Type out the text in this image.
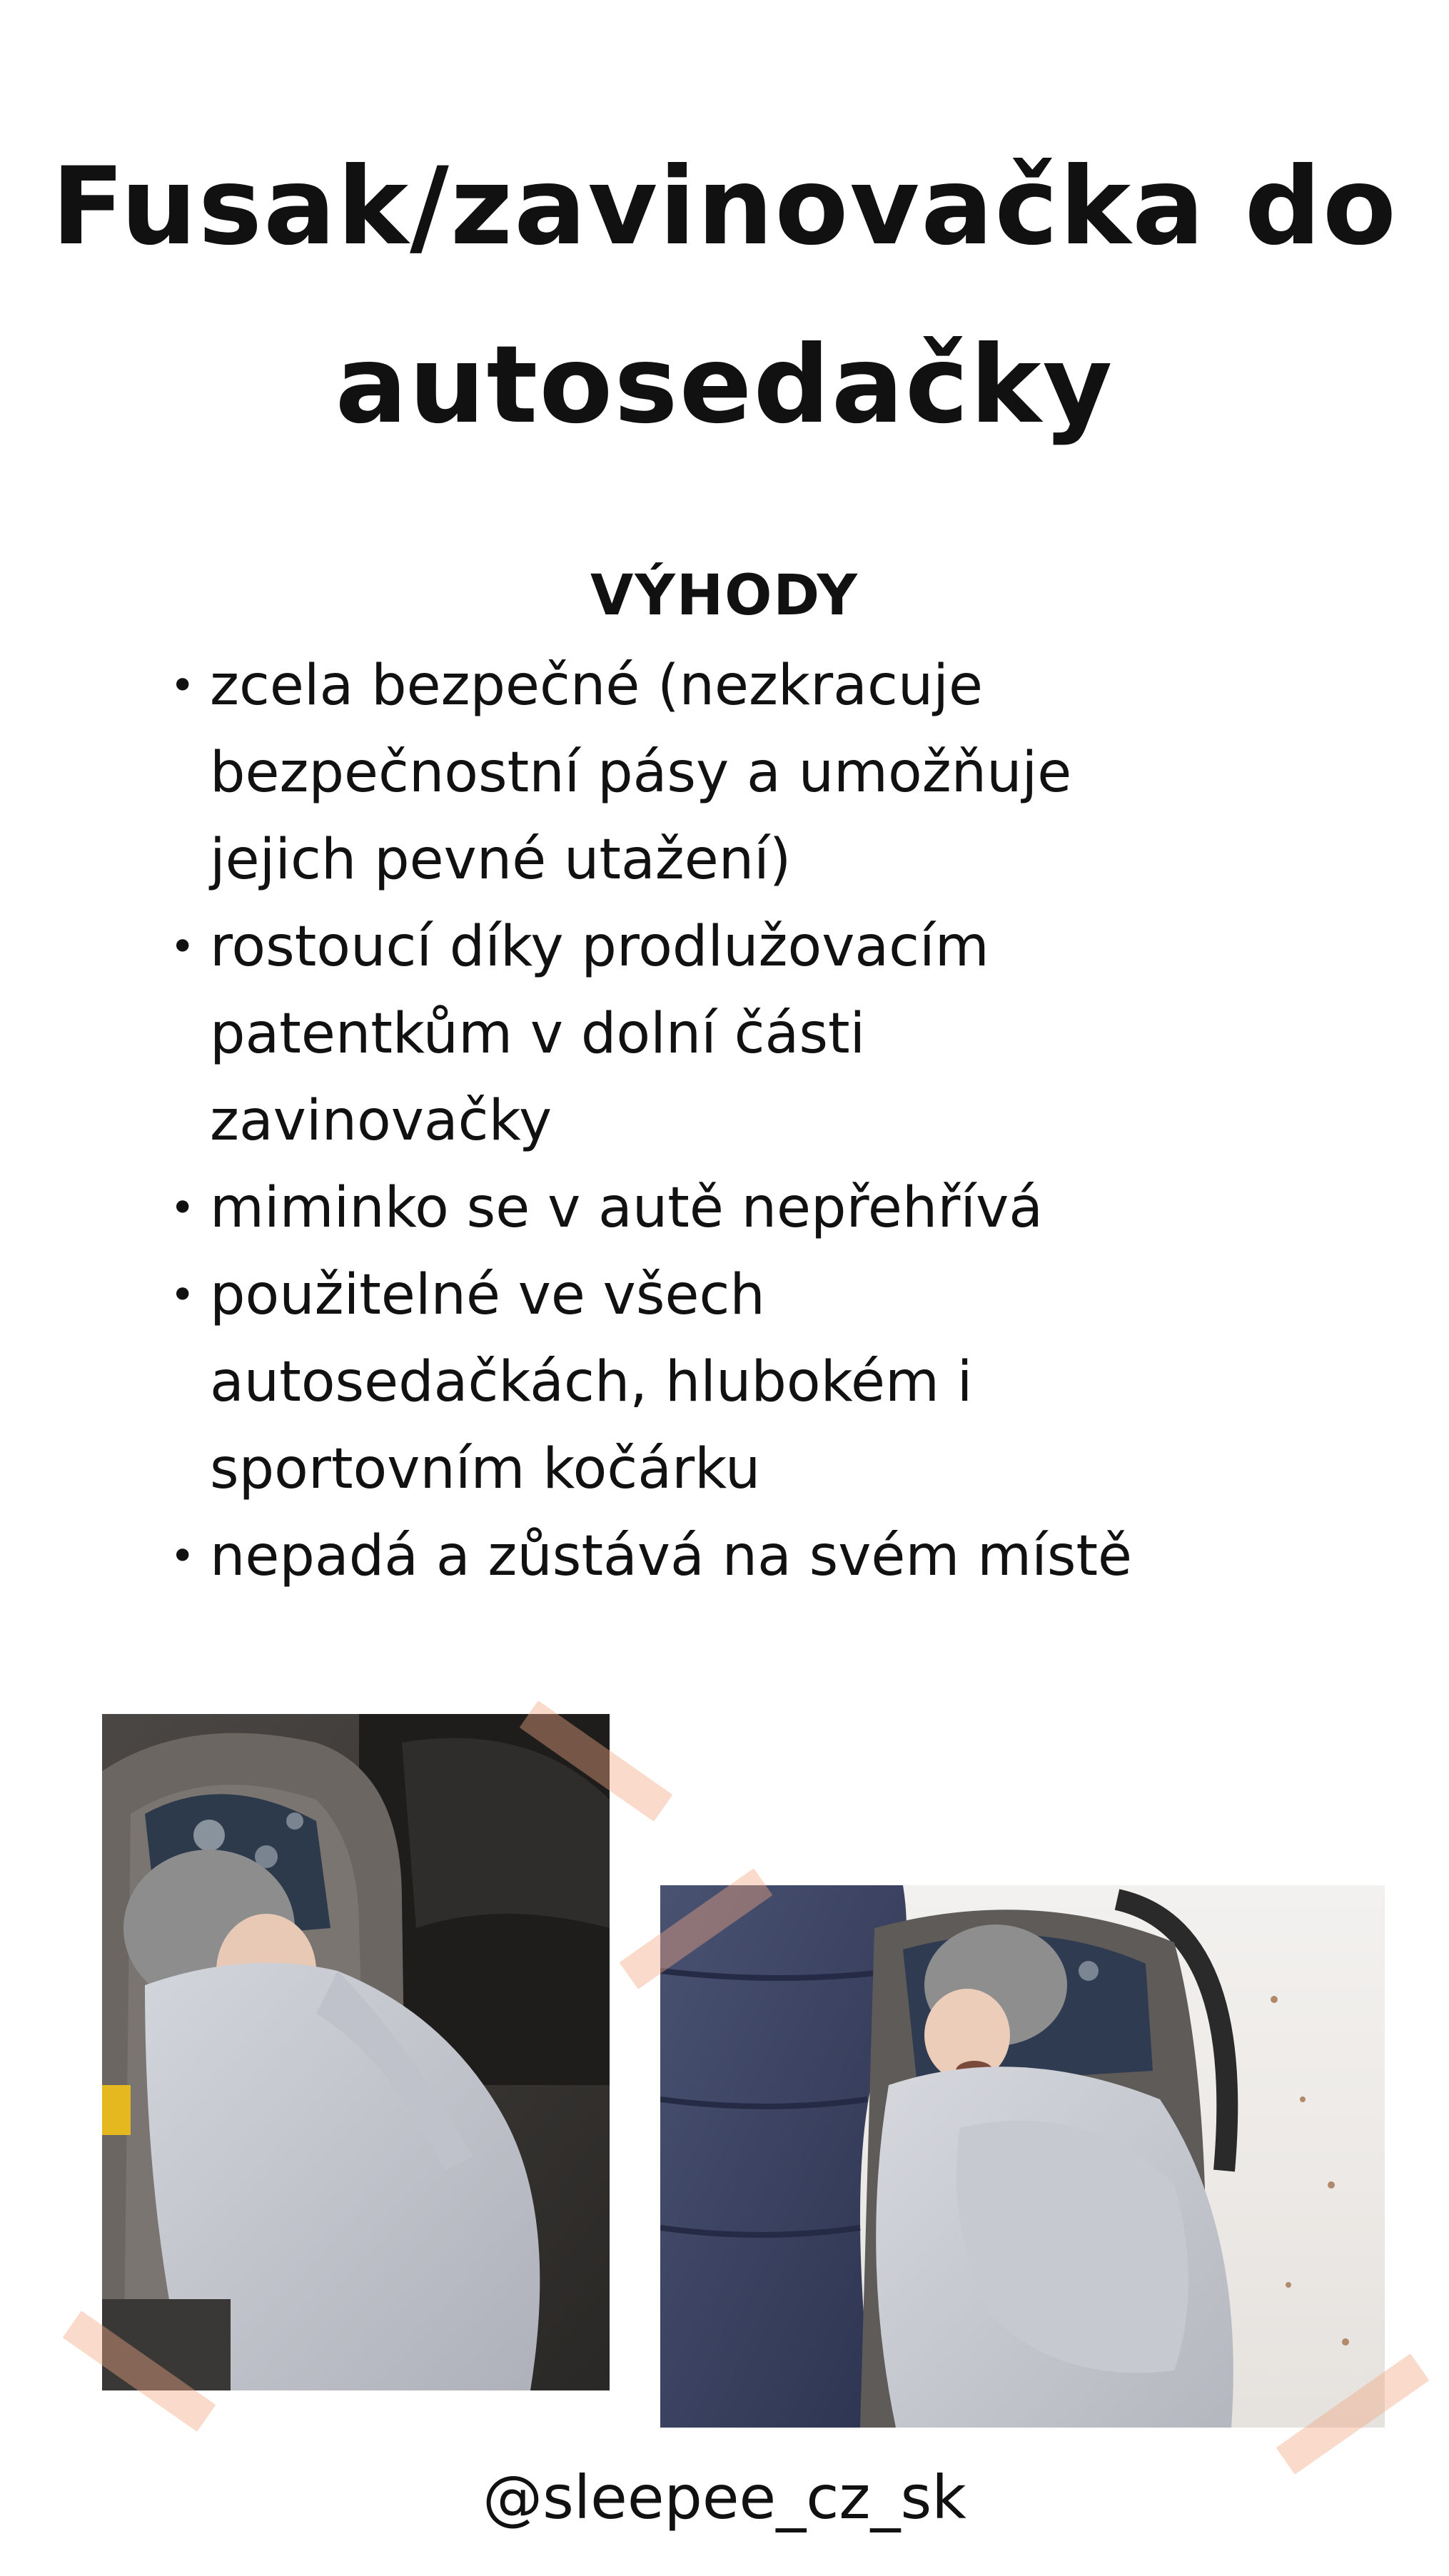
Fusak/zavinovačka do
autosedačky
VÝHODY
• zcela bezpečné (nezkracuje
bezpečnostní pásy a umožňuje
jejich pevné utažení)
• rostoucí díky prodlužovacím
patentkům v dolní části
zavinovačky
• miminko se v autě nepřehřívá
• použitelné ve všech
autosedačkách, hlubokém i
sportovním kočárku
• nepadá a zůstává na svém místě
@sleepee_cz_sk
